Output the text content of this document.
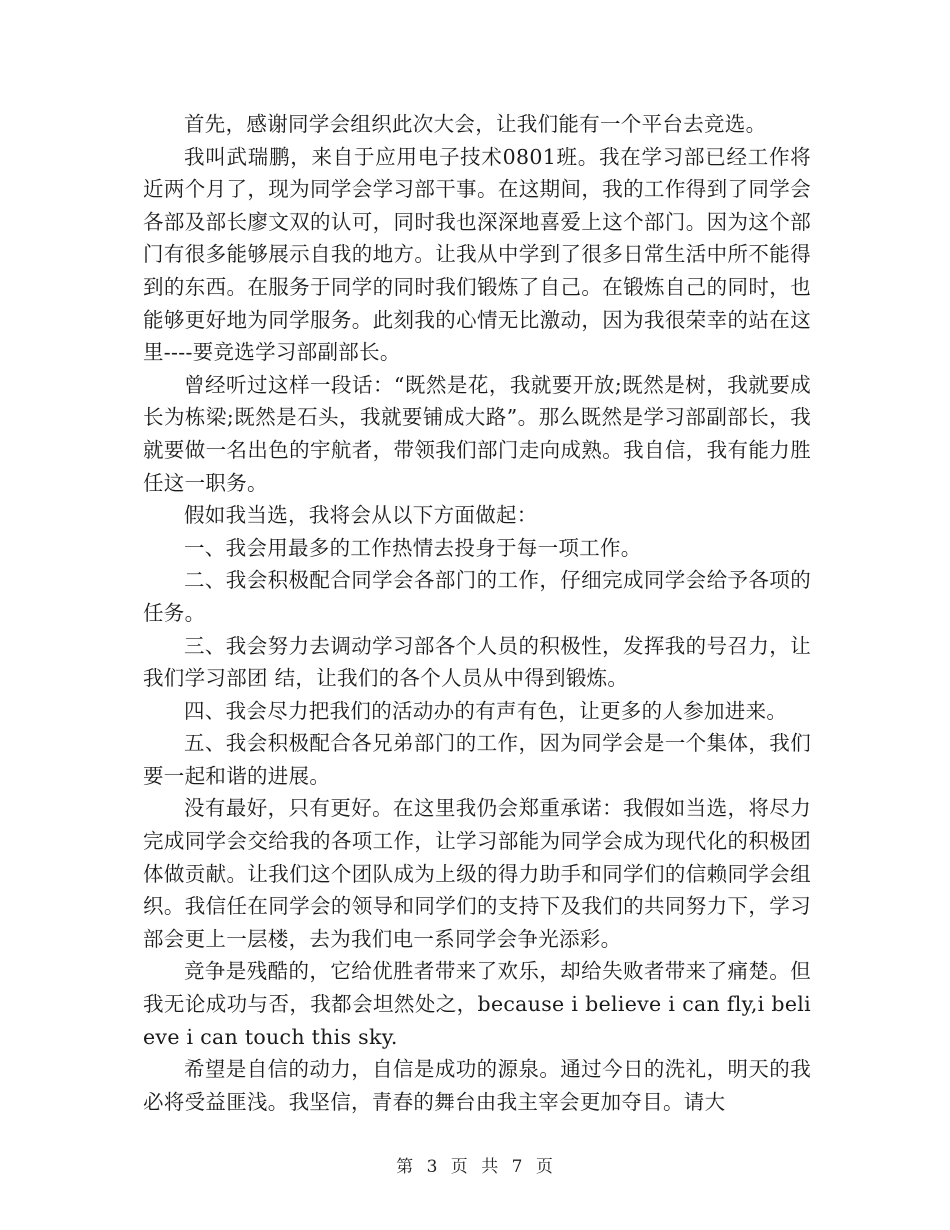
首先，感谢同学会组织此次大会，让我们能有一个平台去竞选。

我叫武瑞鹏，来自于应用电子技术0801班。我在学习部已经工作将近两个月了，现为同学会学习部干事。在这期间，我的工作得到了同学会各部及部长廖文双的认可，同时我也深深地喜爱上这个部门。因为这个部门有很多能够展示自我的地方。让我从中学到了很多日常生活中所不能得到的东西。在服务于同学的同时我们锻炼了自己。在锻炼自己的同时，也能够更好地为同学服务。此刻我的心情无比激动，因为我很荣幸的站在这里----要竞选学习部副部长。

曾经听过这样一段话：“既然是花，我就要开放;既然是树，我就要成长为栋梁;既然是石头，我就要铺成大路”。那么既然是学习部副部长，我就要做一名出色的宇航者，带领我们部门走向成熟。我自信，我有能力胜任这一职务。

假如我当选，我将会从以下方面做起：

一、我会用最多的工作热情去投身于每一项工作。

二、我会积极配合同学会各部门的工作，仔细完成同学会给予各项的任务。

三、我会努力去调动学习部各个人员的积极性，发挥我的号召力，让我们学习部团 结，让我们的各个人员从中得到锻炼。

四、我会尽力把我们的活动办的有声有色，让更多的人参加进来。

五、我会积极配合各兄弟部门的工作，因为同学会是一个集体，我们要一起和谐的进展。

没有最好，只有更好。在这里我仍会郑重承诺：我假如当选，将尽力完成同学会交给我的各项工作，让学习部能为同学会成为现代化的积极团体做贡献。让我们这个团队成为上级的得力助手和同学们的信赖同学会组织。我信任在同学会的领导和同学们的支持下及我们的共同努力下，学习部会更上一层楼，去为我们电一系同学会争光添彩。

竞争是残酷的，它给优胜者带来了欢乐，却给失败者带来了痛楚。但我无论成功与否，我都会坦然处之，because i believe i can fly,i believe i can touch this sky.

希望是自信的动力，自信是成功的源泉。通过今日的洗礼，明天的我必将受益匪浅。我坚信，青春的舞台由我主宰会更加夺目。请大

第 3 页 共 7 页
